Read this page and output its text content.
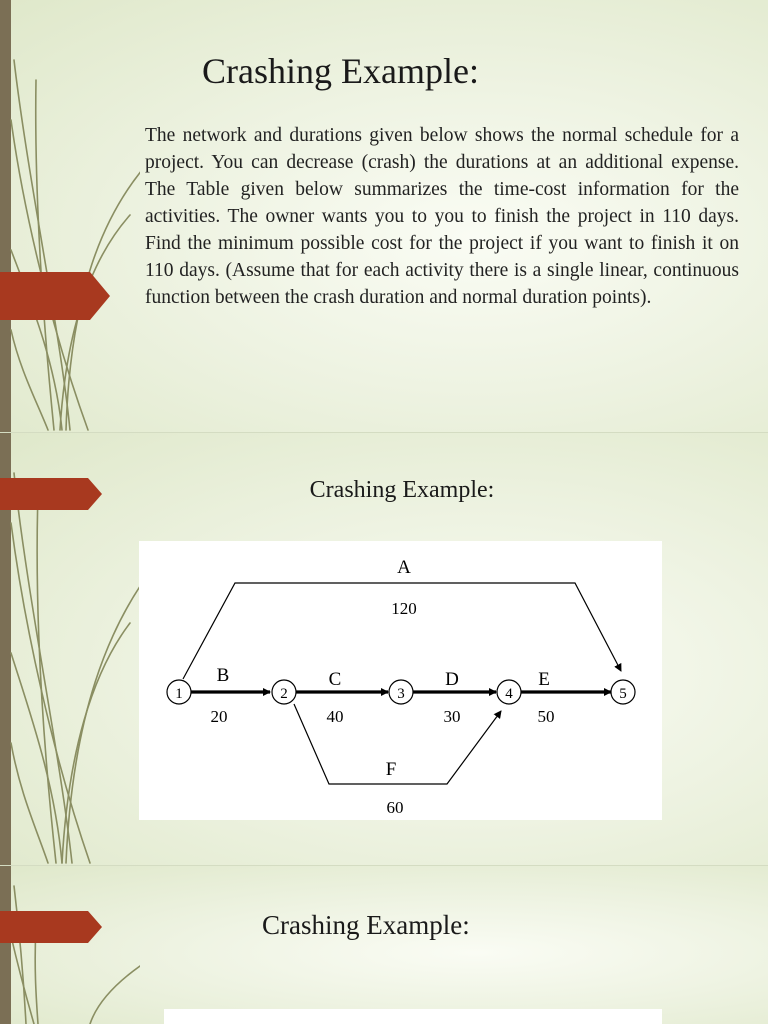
Crashing Example:

The network and durations given below shows the normal schedule for a project. You can decrease (crash) the durations at an additional expense. The Table given below summarizes the time-cost information for the activities. The owner wants you to you to finish the project in 110 days. Find the minimum possible cost for the project if you want to finish it on 110 days. (Assume that for each activity there is a single linear, continuous function between the crash duration and normal duration points).

Crashing Example:
1	2	3	4	5
A
120
B
20
C
40
D
30
E
50
F
60
Crashing Example:
